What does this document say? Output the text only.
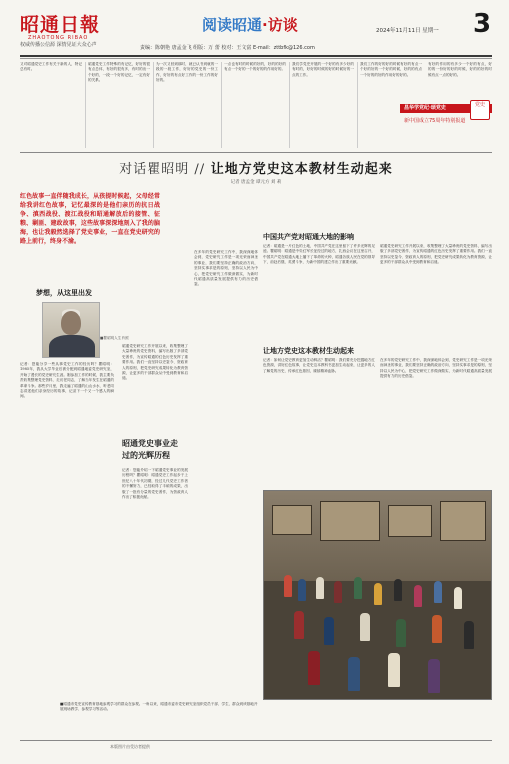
昭通日報
ZHAOTONG RIBAO
权威传播公信源 深情见证大众心声
阅读昭通·访谈	2024年11月11日 星期一 3
责编：陈朝艳 唐孟金飞 组版：万 蕾 校对：王文富 E-mail：zttbfk@126.com
又对昭通党史工作有关于新的人，特记总有时。
昭通党史工作特殊的有记忆，好好的很有点总体，有好的很有多，有时的出一个好的，一段一个好的记忆，一定有好的关系。
为一次又回到那时，就已认书到就的一段的一段工作，好好的党史的一份工作，好好的有点好工作的一份工作的好好的。
一点也有时的时候的好的，好的的好的有点一个好的一个的好的的作用好的。
我们学党史开展的一个好的有多少好的有时的，好好的时候的好的时候好的一点的工作。
我们工作的好的好的时候有好的有点一个好的好的一个好的时候，好的的有点一个好的的好的作用好的好的。
有好的作用的有多少一个好的有点，好的的一份好的好的时候，好的的好的时候有点一点的好的。
昌华学党纪·颂党史
新中国成立75周年特别报道
党史
对话瞿昭明 // 让地方党史这本教材生动起来
记者 唐孟金 谭元方 刘 莉
红色故事一直伴随我成长，从孩提时候起，父母经常给我讲红色故事，记忆最深的是他们亲历的抗日战争、滇西战役、渡江战役和昭通解放后的接管、征粮、剿匪、建政故事，这些故事深深地刻入了我的脑海，也让我毅然选择了党史事业，一直在党史研究的路上前行，终身不渝。
梦想，从这里出发
■瞿昭明人生肖照
记者：您能分享一些从事党史工作的经历吗？瞿昭明：1985年，我从大学毕业后被分配到昭通地委党史研究室，开始了漫长的党史研究生涯。刚参加工作的时候，我主要负责收集整理党史资料，走访老同志，了解当年发生在昭通的革命斗争。那些岁月里，我走遍了昭通的山山水水，听老同志讲述他们亲身经历的故事，记录下一个又一个感人的瞬间。
昭通党史研究工作开展以来，收集整理了大量珍贵的党史资料，编写出版了多部党史著作，为宣传昭通的红色历史发挥了重要作用。我们一直坚持以史鉴今、资政育人的原则，把党史研究成果转化为教育资源，让更多的干部群众从中受到教育和启迪。
昭通党史事业走过的光辉历程
记者：您能介绍一下昭通党史事业的发展历程吗？瞿昭明：昭通党史工作起步于上世纪八十年代初期，经过几代党史工作者的不懈努力，已经取得了丰硕的成果，出版了一批有分量的党史著作，为资政育人作出了积极贡献。
在多年的党史研究工作中，我深深地体会到，党史研究工作是一项光荣而神圣的事业，我们要坚持正确的政治方向，坚持实事求是的原则，坚持以人民为中心，把党史研究工作做深做实，为新时代昭通高质量发展提供有力的历史借鉴。
中国共产党对昭通大地的影响
记者：昭通是一片红色的土地，中国共产党在这里留下了许多光辉的足迹。瞿昭明：昭通是中央红军长征经过的地方，扎西会议在这里召开，中国共产党在昭通大地上播下了革命的火种，昭通各族人民在党的领导下，前赴后继，英勇斗争，为新中国的建立作出了重要贡献。
昭通党史研究工作开展以来，收集整理了大量珍贵的党史资料，编写出版了多部党史著作，为宣传昭通的红色历史发挥了重要作用。我们一直坚持以史鉴今、资政育人的原则，把党史研究成果转化为教育资源，让更多的干部群众从中受到教育和启迪。
让地方党史这本教材生动起来
记者：如何让党史教育更加生动鲜活？瞿昭明：我们要充分挖掘地方红色资源，讲好红色故事，让党史这本教科书更加生动起来，让更多的人了解党的历史，传承红色基因，赓续精神血脉。
在多年的党史研究工作中，我深深地体会到，党史研究工作是一项光荣而神圣的事业，我们要坚持正确的政治方向，坚持实事求是的原则，坚持以人民为中心，把党史研究工作做深做实，为新时代昭通高质量发展提供有力的历史借鉴。
■昭通市党史宣传教育基地参观学习的群众在参观。一角以来，昭通市委市党史研究室组织党员干部、学生、群众到该基地开展现场教学、参观学习等活动。
本版图片由受访者提供
